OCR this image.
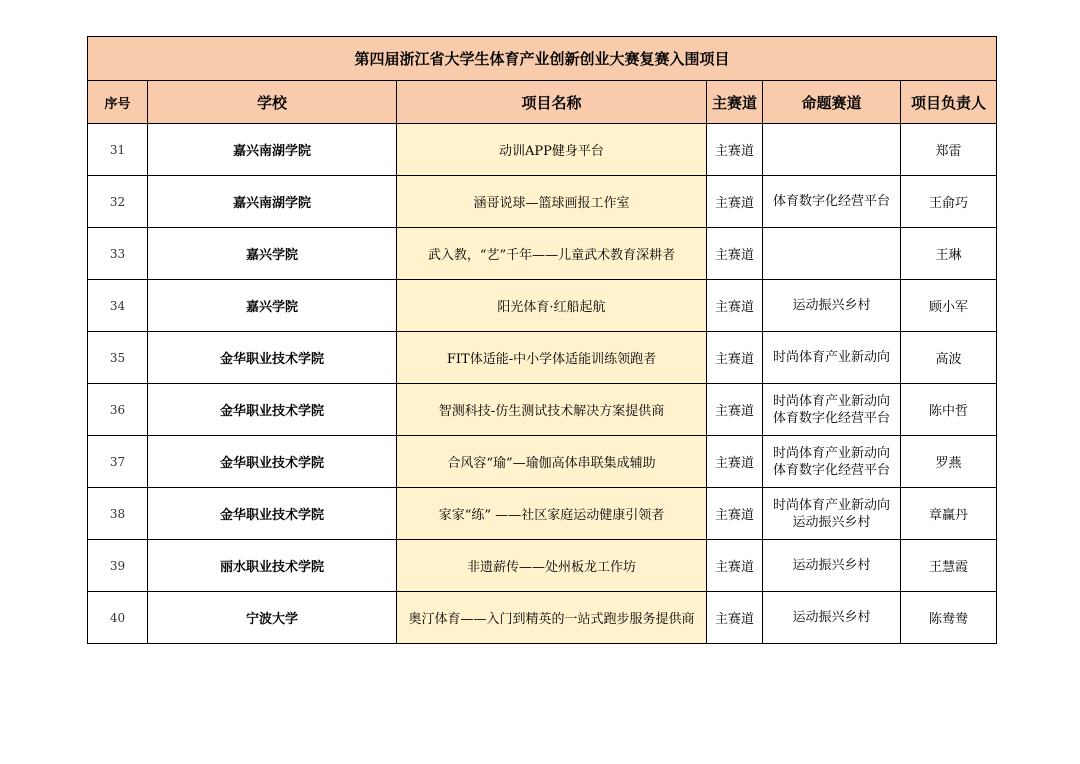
第四届浙江省大学生体育产业创新创业大赛复赛入围项目					
序号	学校	项目名称	主赛道	命题赛道	项目负责人
31	嘉兴南湖学院	动训APP健身平台	主赛道		郑雷
32	嘉兴南湖学院	涵哥说球—篮球画报工作室	主赛道	体育数字化经营平台	王俞巧
33	嘉兴学院	武入教，“艺”千年——儿童武术教育深耕者	主赛道		王琳
34	嘉兴学院	阳光体育·红船起航	主赛道	运动振兴乡村	顾小军
35	金华职业技术学院	FIT体适能-中小学体适能训练领跑者	主赛道	时尚体育产业新动向	高波
36	金华职业技术学院	智测科技-仿生测试技术解决方案提供商	主赛道	时尚体育产业新动向
体育数字化经营平台	陈中哲
37	金华职业技术学院	合风容“瑜”—瑜伽高体串联集成辅助	主赛道	时尚体育产业新动向
体育数字化经营平台	罗燕
38	金华职业技术学院	家家“练” ——社区家庭运动健康引领者	主赛道	时尚体育产业新动向
运动振兴乡村	章赢丹
39	丽水职业技术学院	非遗薪传——处州板龙工作坊	主赛道	运动振兴乡村	王慧霞
40	宁波大学	奥汀体育——入门到精英的一站式跑步服务提供商	主赛道	运动振兴乡村	陈鸯鸯
